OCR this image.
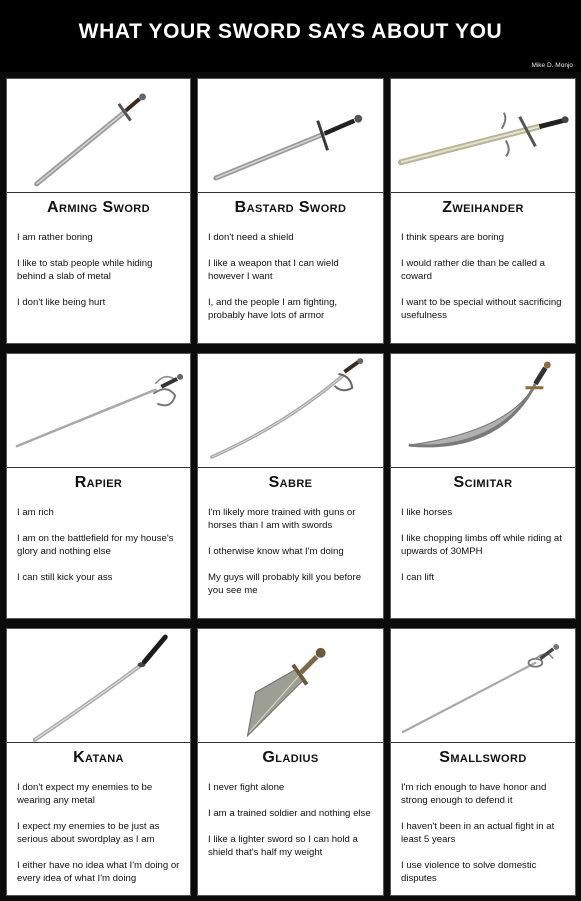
WHAT YOUR SWORD SAYS ABOUT YOU
Mike D. Monjo
Arming Sword
I am rather boring
I like to stab people while hiding behind a slab of metal
I don't like being hurt
Bastard Sword
I don't need a shield
I like a weapon that I can wield however I want
I, and the people I am fighting, probably have lots of armor
Zweihander
I think spears are boring
I would rather die than be called a coward
I want to be special without sacrificing usefulness
Rapier
I am rich
I am on the battlefield for my house's glory and nothing else
I can still kick your ass
Sabre
I'm likely more trained with guns or horses than I am with swords
I otherwise know what I'm doing
My guys will probably kill you before you see me
Scimitar
I like horses
I like chopping limbs off while riding at upwards of 30MPH
I can lift
Katana
I don't expect my enemies to be wearing any metal
I expect my enemies to be just as serious about swordplay as I am
I either have no idea what I'm doing or every idea of what I'm doing
Gladius
I never fight alone
I am a trained soldier and nothing else
I like a lighter sword so I can hold a shield that's half my weight
Smallsword
I'm rich enough to have honor and strong enough to defend it
I haven't been in an actual fight in at least 5 years
I use violence to solve domestic disputes
